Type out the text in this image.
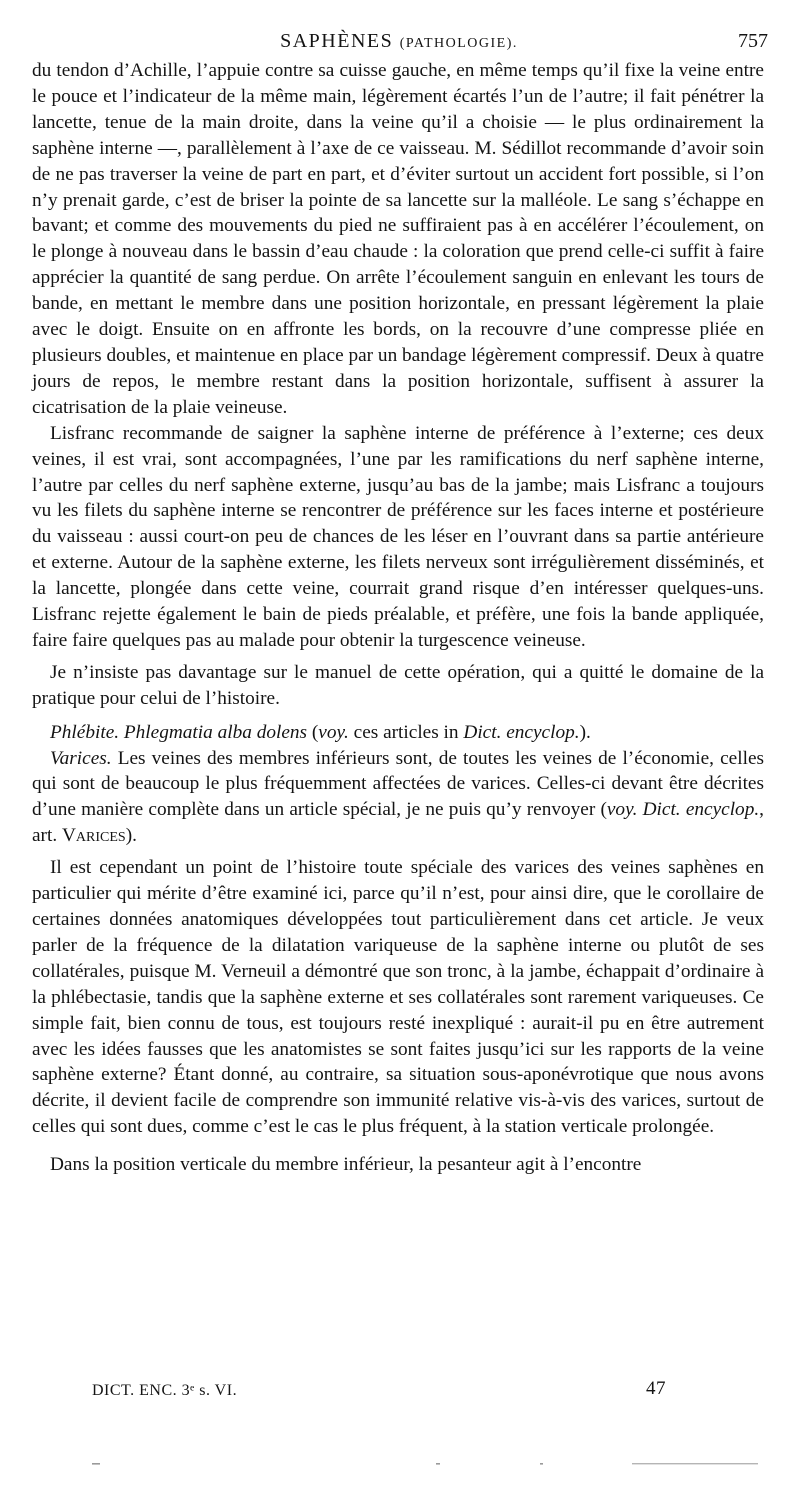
SAPHÈNES (PATHOLOGIE).	757

du tendon d’Achille, l’appuie contre sa cuisse gauche, en même temps qu’il fixe la veine entre le pouce et l’indicateur de la même main, légèrement écartés l’un de l’autre; il fait pénétrer la lancette, tenue de la main droite, dans la veine qu’il a choisie — le plus ordinairement la saphène interne —, parallèlement à l’axe de ce vaisseau. M. Sédillot recommande d’avoir soin de ne pas traverser la veine de part en part, et d’éviter surtout un accident fort possible, si l’on n’y prenait garde, c’est de briser la pointe de sa lancette sur la malléole. Le sang s’échappe en bavant; et comme des mouvements du pied ne suffiraient pas à en accélérer l’écoulement, on le plonge à nouveau dans le bassin d’eau chaude : la coloration que prend celle-ci suffit à faire apprécier la quantité de sang perdue. On arrête l’écoulement sanguin en enlevant les tours de bande, en mettant le membre dans une position horizontale, en pressant légèrement la plaie avec le doigt. Ensuite on en affronte les bords, on la recouvre d’une compresse pliée en plusieurs doubles, et maintenue en place par un bandage légèrement compressif. Deux à quatre jours de repos, le membre restant dans la position horizontale, suffisent à assurer la cicatrisation de la plaie veineuse.

Lisfranc recommande de saigner la saphène interne de préférence à l’externe; ces deux veines, il est vrai, sont accompagnées, l’une par les ramifications du nerf saphène interne, l’autre par celles du nerf saphène externe, jusqu’au bas de la jambe; mais Lisfranc a toujours vu les filets du saphène interne se rencontrer de préférence sur les faces interne et postérieure du vaisseau : aussi court-on peu de chances de les léser en l’ouvrant dans sa partie antérieure et externe. Autour de la saphène externe, les filets nerveux sont irrégulièrement disséminés, et la lancette, plongée dans cette veine, courrait grand risque d’en intéresser quelques-uns. Lisfranc rejette également le bain de pieds préalable, et préfère, une fois la bande appliquée, faire faire quelques pas au malade pour obtenir la turgescence veineuse.

Je n’insiste pas davantage sur le manuel de cette opération, qui a quitté le domaine de la pratique pour celui de l’histoire.

Phlébite. Phlegmatia alba dolens (voy. ces articles in Dict. encyclop.).

Varices. Les veines des membres inférieurs sont, de toutes les veines de l’économie, celles qui sont de beaucoup le plus fréquemment affectées de varices. Celles-ci devant être décrites d’une manière complète dans un article spécial, je ne puis qu’y renvoyer (voy. Dict. encyclop., art. Varices).

Il est cependant un point de l’histoire toute spéciale des varices des veines saphènes en particulier qui mérite d’être examiné ici, parce qu’il n’est, pour ainsi dire, que le corollaire de certaines données anatomiques développées tout particulièrement dans cet article. Je veux parler de la fréquence de la dilatation variqueuse de la saphène interne ou plutôt de ses collatérales, puisque M. Verneuil a démontré que son tronc, à la jambe, échappait d’ordinaire à la phlébectasie, tandis que la saphène externe et ses collatérales sont rarement variqueuses. Ce simple fait, bien connu de tous, est toujours resté inexpliqué : aurait-il pu en être autrement avec les idées fausses que les anatomistes se sont faites jusqu’ici sur les rapports de la veine saphène externe? Étant donné, au contraire, sa situation sous-aponévrotique que nous avons décrite, il devient facile de comprendre son immunité relative vis-à-vis des varices, surtout de celles qui sont dues, comme c’est le cas le plus fréquent, à la station verticale prolongée.

Dans la position verticale du membre inférieur, la pesanteur agit à l’encontre

DICT. ENC. 3ᵉ s. VI.	47
